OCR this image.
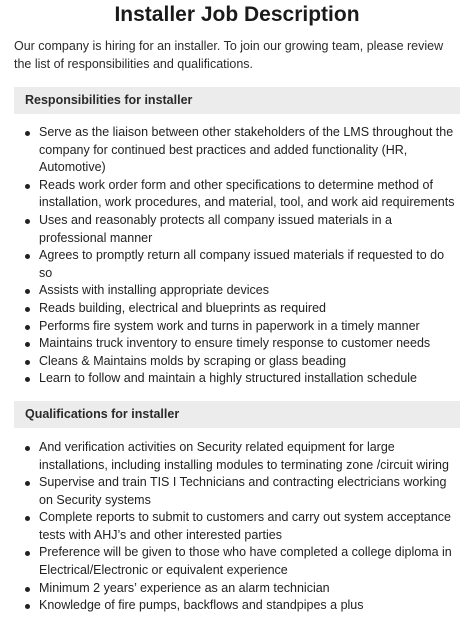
Installer Job Description

Our company is hiring for an installer. To join our growing team, please review the list of responsibilities and qualifications.

Responsibilities for installer
Serve as the liaison between other stakeholders of the LMS throughout the company for continued best practices and added functionality (HR, Automotive)
Reads work order form and other specifications to determine method of installation, work procedures, and material, tool, and work aid requirements
Uses and reasonably protects all company issued materials in a professional manner
Agrees to promptly return all company issued materials if requested to do so
Assists with installing appropriate devices
Reads building, electrical and blueprints as required
Performs fire system work and turns in paperwork in a timely manner
Maintains truck inventory to ensure timely response to customer needs
Cleans & Maintains molds by scraping or glass beading
Learn to follow and maintain a highly structured installation schedule
Qualifications for installer
And verification activities on Security related equipment for large installations, including installing modules to terminating zone /circuit wiring
Supervise and train TIS I Technicians and contracting electricians working on Security systems
Complete reports to submit to customers and carry out system acceptance tests with AHJ’s and other interested parties
Preference will be given to those who have completed a college diploma in Electrical/Electronic or equivalent experience
Minimum 2 years’ experience as an alarm technician
Knowledge of fire pumps, backflows and standpipes a plus
